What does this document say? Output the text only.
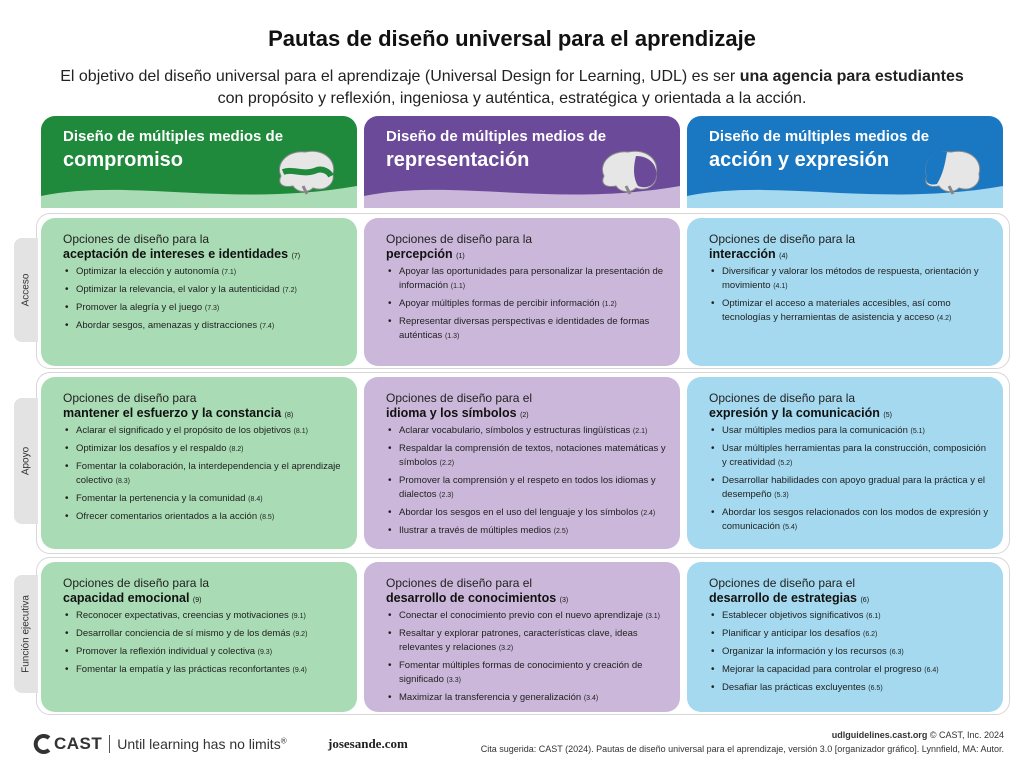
Pautas de diseño universal para el aprendizaje
El objetivo del diseño universal para el aprendizaje (Universal Design for Learning, UDL) es ser una agencia para estudiantes
con propósito y reflexión, ingeniosa y auténtica, estratégica y orientada a la acción.
Diseño de múltiples medios de
compromiso
Diseño de múltiples medios de
representación
Diseño de múltiples medios de
acción y expresión
Acceso
Apoyo
Función ejecutiva
Opciones de diseño para la
aceptación de intereses e identidades (7)
• Optimizar la elección y autonomía (7.1)
• Optimizar la relevancia, el valor y la autenticidad (7.2)
• Promover la alegría y el juego (7.3)
• Abordar sesgos, amenazas y distracciones (7.4)
Opciones de diseño para la
percepción (1)
• Apoyar las oportunidades para personalizar la presentación de información (1.1)
• Apoyar múltiples formas de percibir información (1.2)
• Representar diversas perspectivas e identidades de formas auténticas (1.3)
Opciones de diseño para la
interacción (4)
• Diversificar y valorar los métodos de respuesta, orientación y movimiento (4.1)
• Optimizar el acceso a materiales accesibles, así como tecnologías y herramientas de asistencia y acceso (4.2)
Opciones de diseño para
mantener el esfuerzo y la constancia (8)
• Aclarar el significado y el propósito de los objetivos (8.1)
• Optimizar los desafíos y el respaldo (8.2)
• Fomentar la colaboración, la interdependencia y el aprendizaje colectivo (8.3)
• Fomentar la pertenencia y la comunidad (8.4)
• Ofrecer comentarios orientados a la acción (8.5)
Opciones de diseño para el
idioma y los símbolos (2)
• Aclarar vocabulario, símbolos y estructuras lingüísticas (2.1)
• Respaldar la comprensión de textos, notaciones matemáticas y símbolos (2.2)
• Promover la comprensión y el respeto en todos los idiomas y dialectos (2.3)
• Abordar los sesgos en el uso del lenguaje y los símbolos (2.4)
• Ilustrar a través de múltiples medios (2.5)
Opciones de diseño para la
expresión y la comunicación (5)
• Usar múltiples medios para la comunicación (5.1)
• Usar múltiples herramientas para la construcción, composición y creatividad (5.2)
• Desarrollar habilidades con apoyo gradual para la práctica y el desempeño (5.3)
• Abordar los sesgos relacionados con los modos de expresión y comunicación (5.4)
Opciones de diseño para la
capacidad emocional (9)
• Reconocer expectativas, creencias y motivaciones (9.1)
• Desarrollar conciencia de sí mismo y de los demás (9.2)
• Promover la reflexión individual y colectiva (9.3)
• Fomentar la empatía y las prácticas reconfortantes (9.4)
Opciones de diseño para el
desarrollo de conocimientos (3)
• Conectar el conocimiento previo con el nuevo aprendizaje (3.1)
• Resaltar y explorar patrones, características clave, ideas relevantes y relaciones (3.2)
• Fomentar múltiples formas de conocimiento y creación de significado (3.3)
• Maximizar la transferencia y generalización (3.4)
Opciones de diseño para el
desarrollo de estrategias (6)
• Establecer objetivos significativos (6.1)
• Planificar y anticipar los desafíos (6.2)
• Organizar la información y los recursos (6.3)
• Mejorar la capacidad para controlar el progreso (6.4)
• Desafiar las prácticas excluyentes (6.5)
CAST Until learning has no limits®	josesande.com
udlguidelines.cast.org © CAST, Inc. 2024
Cita sugerida: CAST (2024). Pautas de diseño universal para el aprendizaje, versión 3.0 [organizador gráfico]. Lynnfield, MA: Autor.
